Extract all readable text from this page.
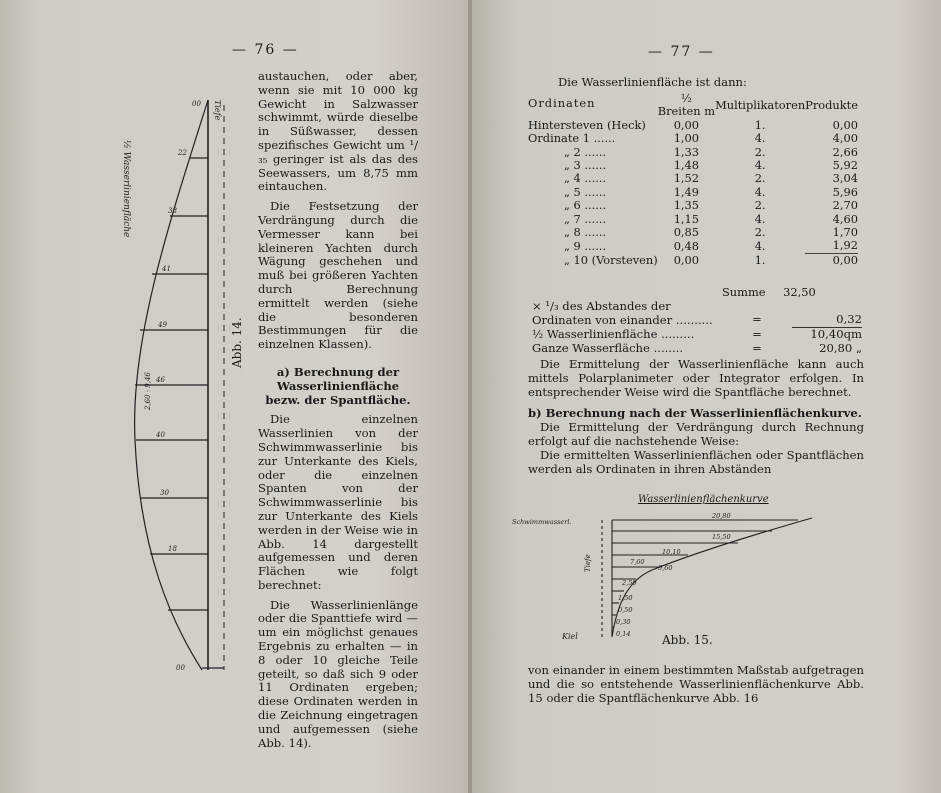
— 76 —
00
22
38
41
49
46
40
30
18
00
½ Wasserlinienfläche
Tiefe
2,60 · 9,46
Abb. 14.

austauchen, oder aber, wenn sie mit 10 000 kg Gewicht in Salzwasser schwimmt, würde dieselbe in Süßwasser, dessen spezifisches Gewicht um ¹/₃₅ geringer ist als das des Seewassers, um 8,75 mm eintauchen.

Die Festsetzung der Verdrängung durch die Vermesser kann bei kleineren Yachten durch Wägung geschehen und muß bei größeren Yachten durch Berechnung ermittelt werden (siehe die besonderen Bestimmungen für die einzelnen Klassen).

a) Berechnung der Wasserlinienfläche bezw. der Spantfläche.

Die einzelnen Wasserlinien von der Schwimmwasserlinie bis zur Unterkante des Kiels, oder die einzelnen Spanten von der Schwimmwasserlinie bis zur Unterkante des Kiels werden in der Weise wie in Abb. 14 dargestellt aufgemessen und deren Flächen wie folgt berechnet:

Die Wasserlinienlänge oder die Spanttiefe wird — um ein möglichst genaues Ergebnis zu erhalten — in 8 oder 10 gleiche Teile geteilt, so daß sich 9 oder 11 Ordinaten ergeben; diese Ordinaten werden in die Zeichnung eingetragen und aufgemessen (siehe Abb. 14).

— 77 —
Die Wasserlinienfläche ist dann:
Ordinaten	½ Breiten m	Multiplikatoren	Produkte
Hintersteven (Heck)	0,00	1.	0,00
Ordinate 1 ......	1,00	4.	4,00
„ 2 ......	1,33	2.	2,66
„ 3 ......	1,48	4.	5,92
„ 4 ......	1,52	2.	3,04
„ 5 ......	1,49	4.	5,96
„ 6 ......	1,35	2.	2,70
„ 7 ......	1,15	4.	4,60
„ 8 ......	0,85	2.	1,70
„ 9 ......	0,48	4.	1,92
„ 10 (Vorsteven)	0,00	1.	0,00
Summe 32,50
× ¹/₃ des Abstandes der Ordinaten von einander ..........	=	0,32
½ Wasserlinienfläche .........	=	10,40qm
Ganze Wasserfläche ........	=	20,80 „

Die Ermittelung der Wasserlinienfläche kann auch mittels Polarplanimeter oder Integrator erfolgen. In entsprechender Weise wird die Spantfläche berechnet.

b) Berechnung nach der Wasserlinienflächenkurve.

Die Ermittelung der Verdrängung durch Rechnung erfolgt auf die nachstehende Weise:

Die ermittelten Wasserlinienflächen oder Spantflächen werden als Ordinaten in ihren Abständen

Wasserlinienflächenkurve
20,80
15,50
10,10
7,60
5,60
2,50
1,50
0,50
0,30
0,14
Schwimmwasserl.
Kiel
Tiefe
Abb. 15.
von einander in einem bestimmten Maßstab aufgetragen und die so entstehende Wasserlinienflächenkurve Abb. 15 oder die Spantflächenkurve Abb. 16
